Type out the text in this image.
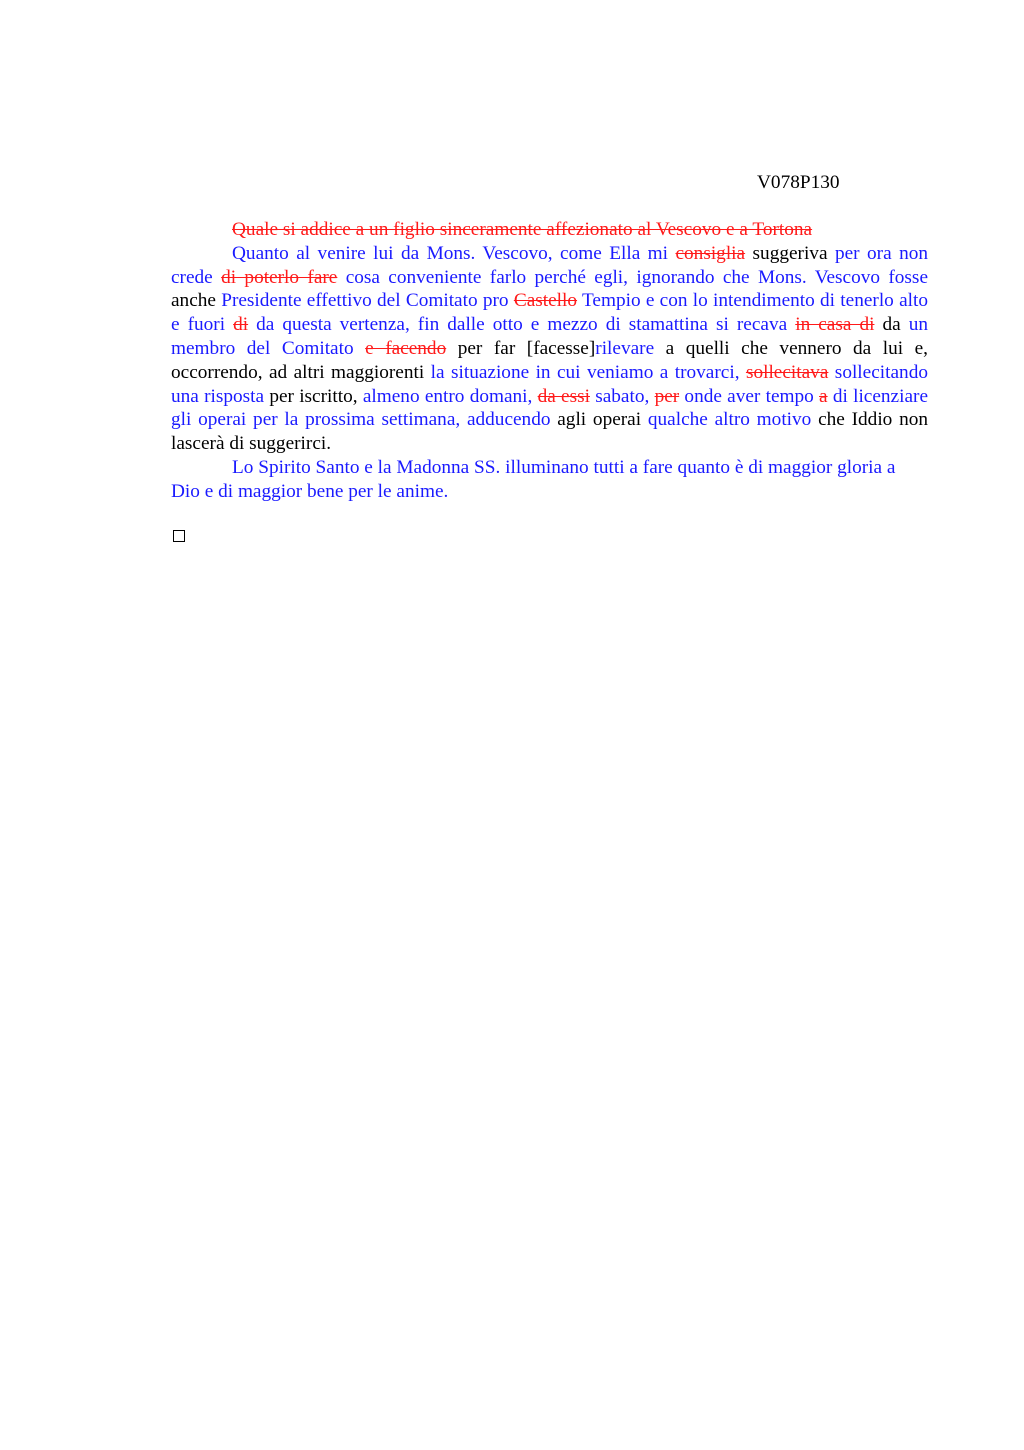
V078P130

Quale si addice a un figlio sinceramente affezionato al Vescovo e a Tortona

Quanto al venire lui da Mons. Vescovo, come Ella mi consiglia suggeriva per ora non crede di poterlo fare cosa conveniente farlo perché egli, ignorando che Mons. Vescovo fosse anche Presidente effettivo del Comitato pro Castello Tempio e con lo intendimento di tenerlo alto e fuori di da questa vertenza, fin dalle otto e mezzo di stamattina si recava in casa di da un membro del Comitato e facendo per far [facesse]rilevare a quelli che vennero da lui e, occorrendo, ad altri maggiorenti la situazione in cui veniamo a trovarci, sollecitava sollecitando una risposta per iscritto, almeno entro domani, da essi sabato, per onde aver tempo a di licenziare gli operai per la prossima settimana, adducendo agli operai qualche altro motivo che Iddio non lascerà di suggerirci.

Lo Spirito Santo e la Madonna SS. illuminano tutti a fare quanto è di maggior gloria a Dio e di maggior bene per le anime.
